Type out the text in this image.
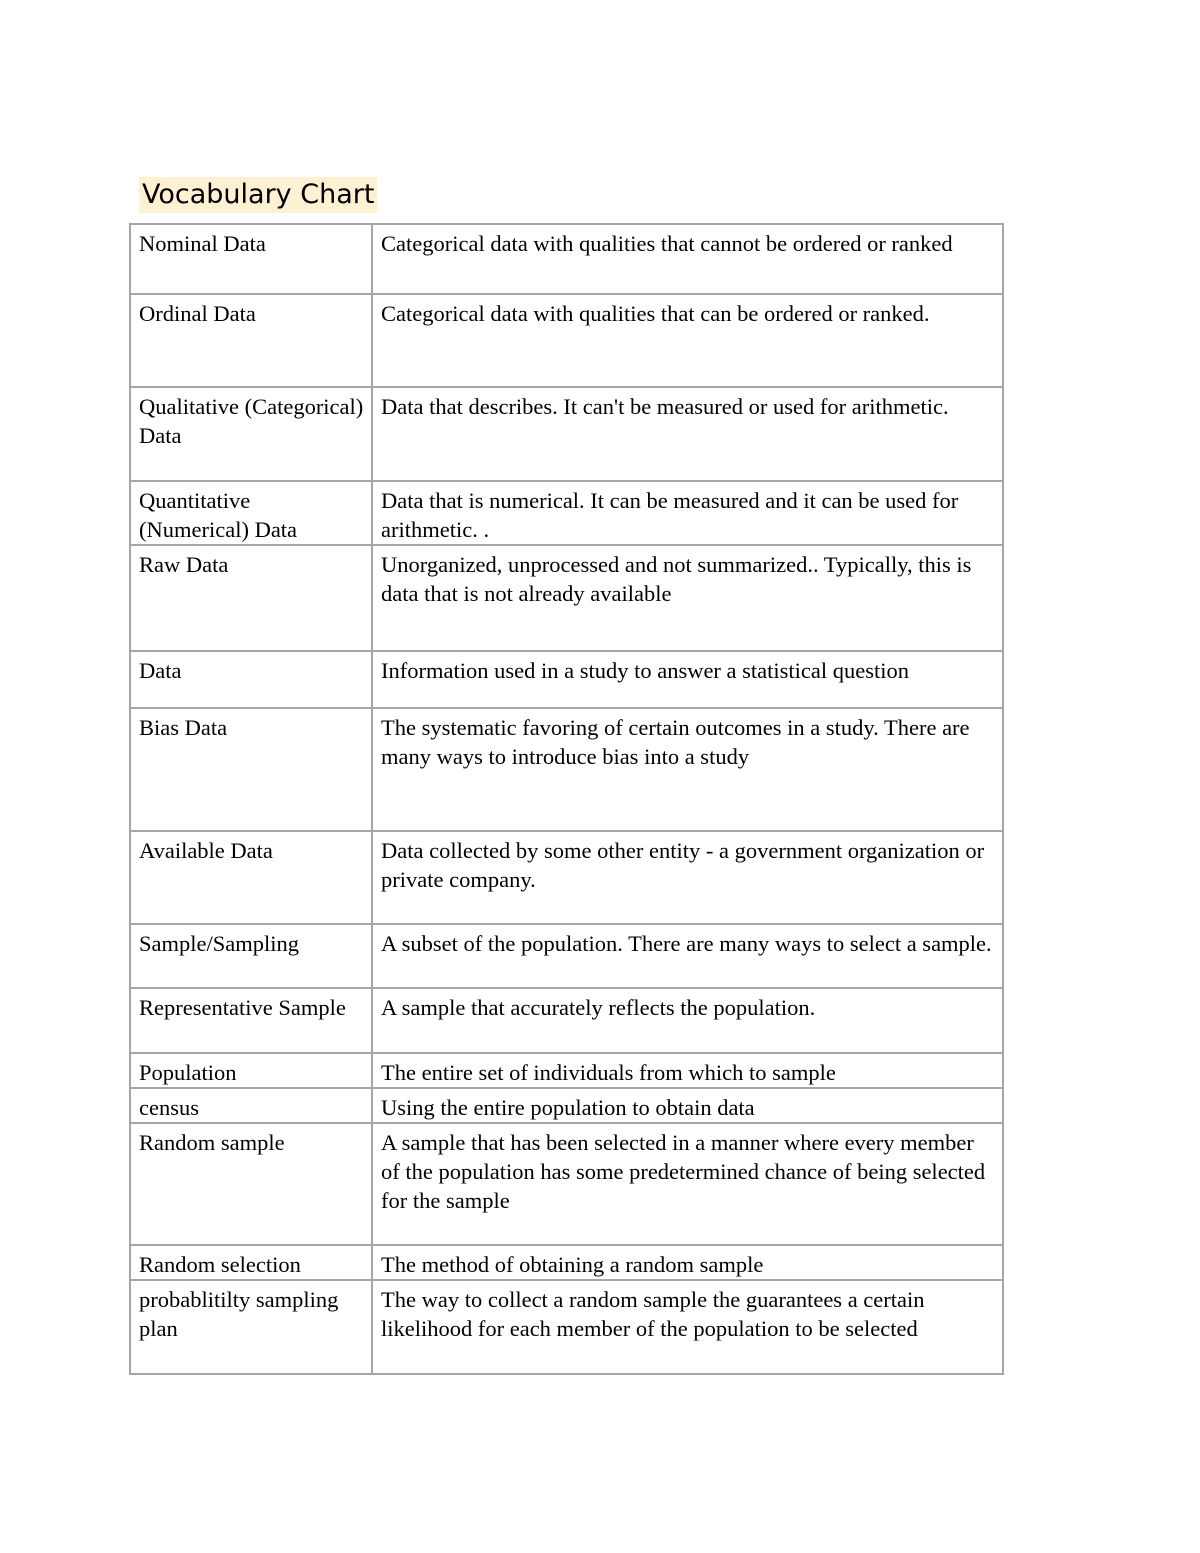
Vocabulary Chart
Nominal Data	Categorical data with qualities that cannot be ordered or ranked
Ordinal Data	Categorical data with qualities that can be ordered or ranked.
Qualitative (Categorical) Data	Data that describes. It can't be measured or used for arithmetic.
Quantitative (Numerical) Data	Data that is numerical. It can be measured and it can be used for arithmetic. .
Raw Data	Unorganized, unprocessed and not summarized.. Typically, this is data that is not already available
Data	Information used in a study to answer a statistical question
Bias Data	The systematic favoring of certain outcomes in a study. There are many ways to introduce bias into a study
Available Data	Data collected by some other entity - a government organization or private company.
Sample/Sampling	A subset of the population. There are many ways to select a sample.
Representative Sample	A sample that accurately reflects the population.
Population	The entire set of individuals from which to sample
census	Using the entire population to obtain data
Random sample	A sample that has been selected in a manner where every member of the population has some predetermined chance of being selected for the sample
Random selection	The method of obtaining a random sample
probablitilty sampling plan	The way to collect a random sample the guarantees a certain likelihood for each member of the population to be selected
